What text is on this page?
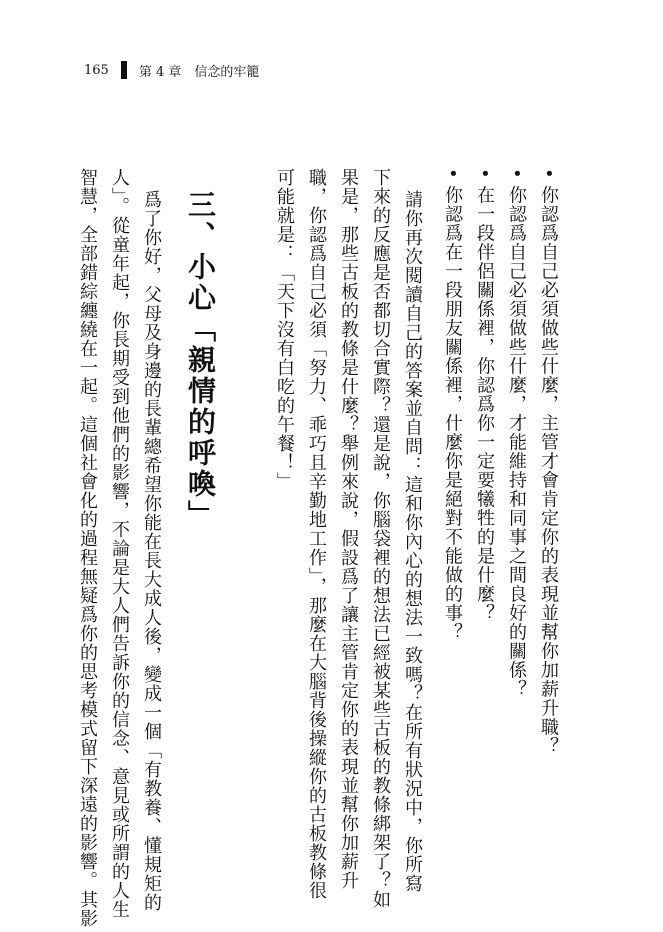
165 第 4 章　信念的牢籠
• 你認爲自己必須做些什麼，主管才會肯定你的表現並幫你加薪升職？
• 你認爲自己必須做些什麼，才能維持和同事之間良好的關係？
• 在一段伴侶關係裡，你認爲你一定要犧牲的是什麼？
• 你認爲在一段朋友關係裡，什麼你是絕對不能做的事？
請你再次閱讀自己的答案並自問：這和你內心的想法一致嗎？在所有狀況中，你所寫
下來的反應是否都切合實際？還是說，你腦袋裡的想法已經被某些古板的教條綁架了？如
果是，那些古板的教條是什麼？舉例來說，假設爲了讓主管肯定你的表現並幫你加薪升
職，你認爲自己必須「努力、乖巧且辛勤地工作」，那麼在大腦背後操縱你的古板教條很
可能就是：「天下沒有白吃的午餐！」
三、小心「親情的呼喚」
爲了你好，父母及身邊的長輩總希望你能在長大成人後，變成一個「有教養、懂規矩的
人」。從童年起，你長期受到他們的影響，不論是大人們告訴你的信念、意見或所謂的人生
智慧，全部錯綜纏繞在一起。這個社會化的過程無疑爲你的思考模式留下深遠的影響。其影
